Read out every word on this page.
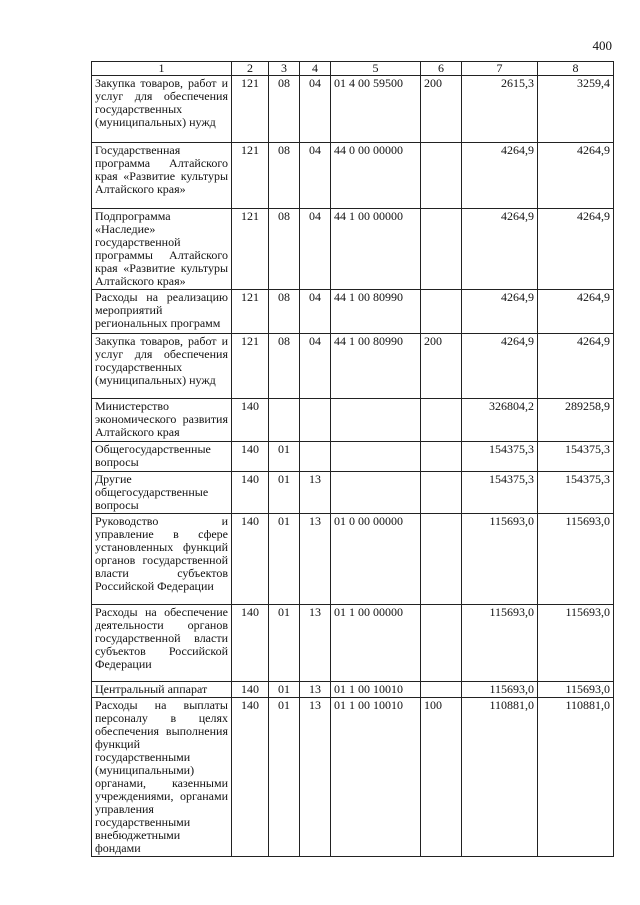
400
1	2	3	4	5	6	7	8
Закупка товаров, работ и услуг для обеспечения государственных (муниципальных) нужд	121	08	04	01 4 00 59500	200	2615,3	3259,4
Государственная программа Алтайского края «Развитие культуры Алтайского края»	121	08	04	44 0 00 00000		4264,9	4264,9
Подпрограмма «Наследие» государственной программы Алтайского края «Развитие культуры Алтайского края»	121	08	04	44 1 00 00000		4264,9	4264,9
Расходы на реализацию мероприятий региональных программ	121	08	04	44 1 00 80990		4264,9	4264,9
Закупка товаров, работ и услуг для обеспечения государственных (муниципальных) нужд	121	08	04	44 1 00 80990	200	4264,9	4264,9
Министерство экономического развития Алтайского края	140					326804,2	289258,9
Общегосударственные вопросы	140	01				154375,3	154375,3
Другие общегосударственные вопросы	140	01	13			154375,3	154375,3
Руководство и управление в сфере установленных функций органов государственной власти субъектов Российской Федерации	140	01	13	01 0 00 00000		115693,0	115693,0
Расходы на обеспечение деятельности органов государственной власти субъектов Российской Федерации	140	01	13	01 1 00 00000		115693,0	115693,0
Центральный аппарат	140	01	13	01 1 00 10010		115693,0	115693,0
Расходы на выплаты персоналу в целях обеспечения выполнения функций государственными (муниципальными) органами, казенными учреждениями, органами управления государственными внебюджетными фондами	140	01	13	01 1 00 10010	100	110881,0	110881,0
